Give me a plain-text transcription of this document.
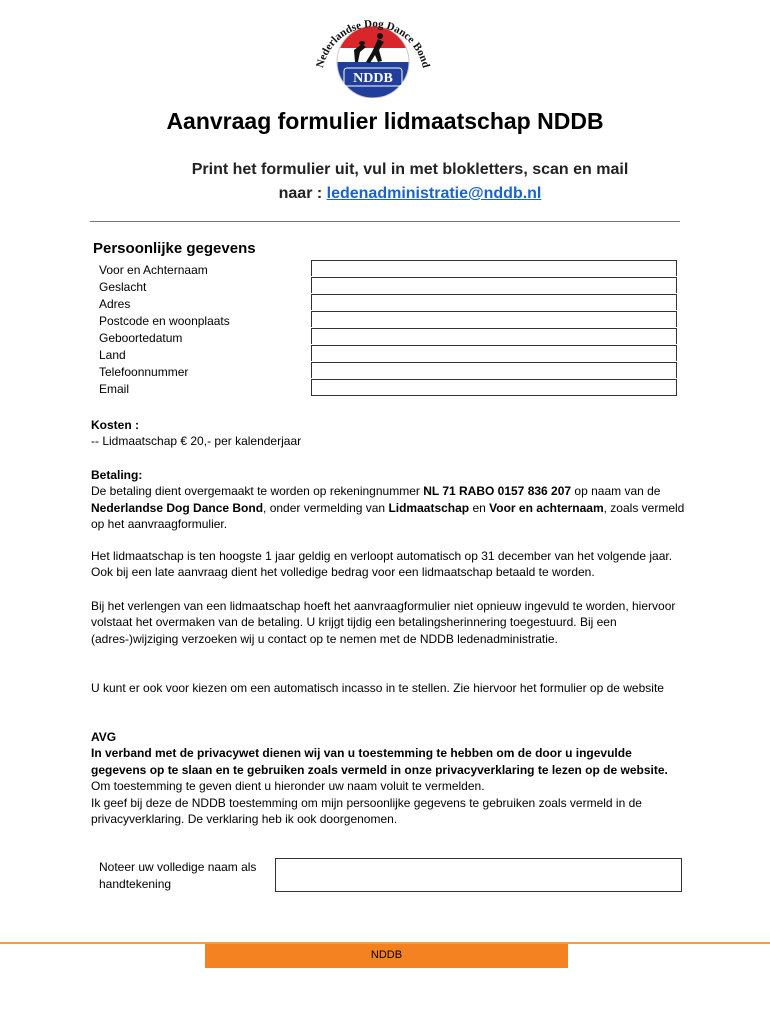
Nederlandse Dog Dance Bond
NDDB
Aanvraag formulier lidmaatschap NDDB
Print het formulier uit, vul in met blokletters, scan en mail
naar : ledenadministratie@nddb.nl
Persoonlijke gegevens
Voor en Achternaam
Geslacht
Adres
Postcode en woonplaats
Geboortedatum
Land
Telefoonnummer
Email
Kosten :
-- Lidmaatschap € 20,- per kalenderjaar
Betaling:
De betaling dient overgemaakt te worden op rekeningnummer NL 71 RABO 0157 836 207 op naam van de Nederlandse Dog Dance Bond, onder vermelding van Lidmaatschap en Voor en achternaam, zoals vermeld op het aanvraagformulier.
Het lidmaatschap is ten hoogste 1 jaar geldig en verloopt automatisch op 31 december van het volgende jaar. Ook bij een late aanvraag dient het volledige bedrag voor een lidmaatschap betaald te worden.
Bij het verlengen van een lidmaatschap hoeft het aanvraagformulier niet opnieuw ingevuld te worden, hiervoor volstaat het overmaken van de betaling. U krijgt tijdig een betalingsherinnering toegestuurd. Bij een (adres-)wijziging verzoeken wij u contact op te nemen met de NDDB ledenadministratie.
U kunt er ook voor kiezen om een automatisch incasso in te stellen. Zie hiervoor het formulier op de website
AVG
In verband met de privacywet dienen wij van u toestemming te hebben om de door u ingevulde gegevens op te slaan en te gebruiken zoals vermeld in onze privacyverklaring te lezen op de website.
Om toestemming te geven dient u hieronder uw naam voluit te vermelden.
Ik geef bij deze de NDDB toestemming om mijn persoonlijke gegevens te gebruiken zoals vermeld in de privacyverklaring. De verklaring heb ik ook doorgenomen.
Noteer uw volledige naam als handtekening
NDDB
